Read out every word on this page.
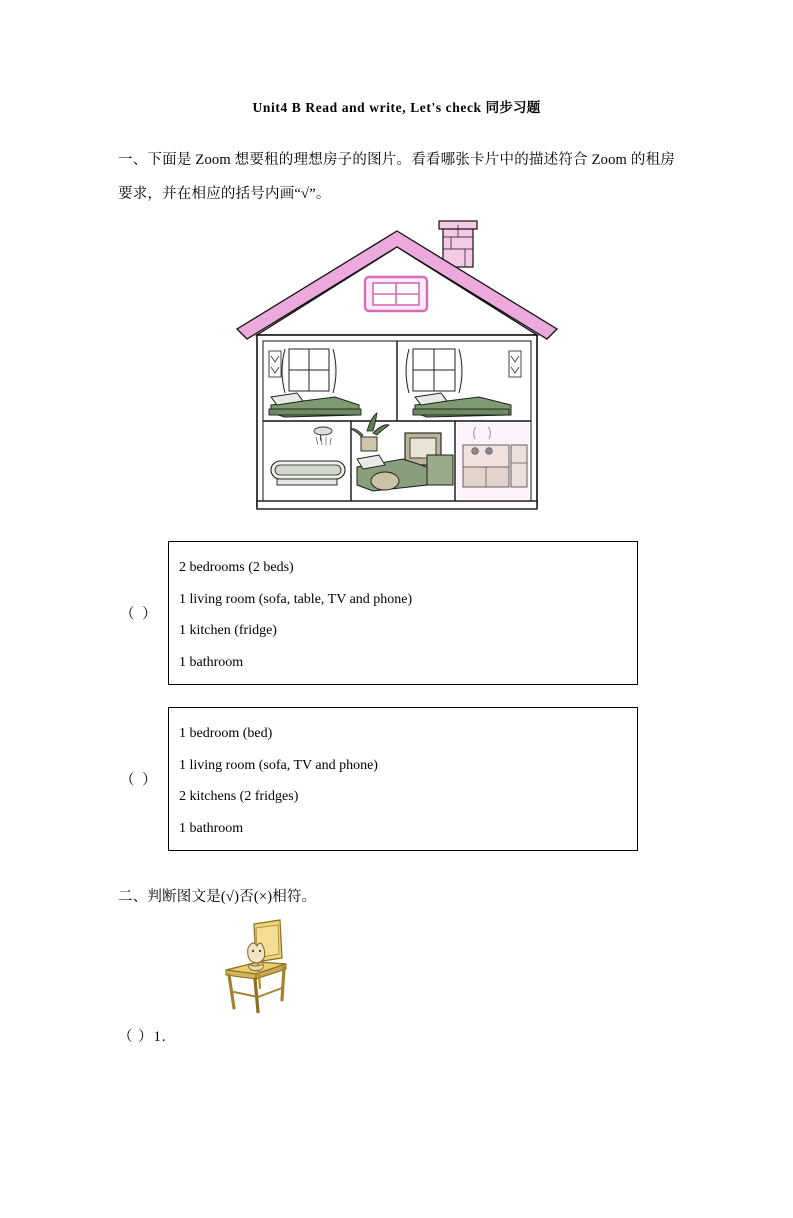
Unit4 B Read and write, Let's check 同步习题
一、下面是 Zoom 想要租的理想房子的图片。看看哪张卡片中的描述符合 Zoom 的租房要求，并在相应的括号内画“√”。
（ ）
2 bedrooms (2 beds)
1 living room (sofa, table, TV and phone)
1 kitchen (fridge)
1 bathroom
（ ）
1 bedroom (bed)
1 living room (sofa, TV and phone)
2 kitchens (2 fridges)
1 bathroom
二、判断图文是(√)否(×)相符。
（ ）1.
